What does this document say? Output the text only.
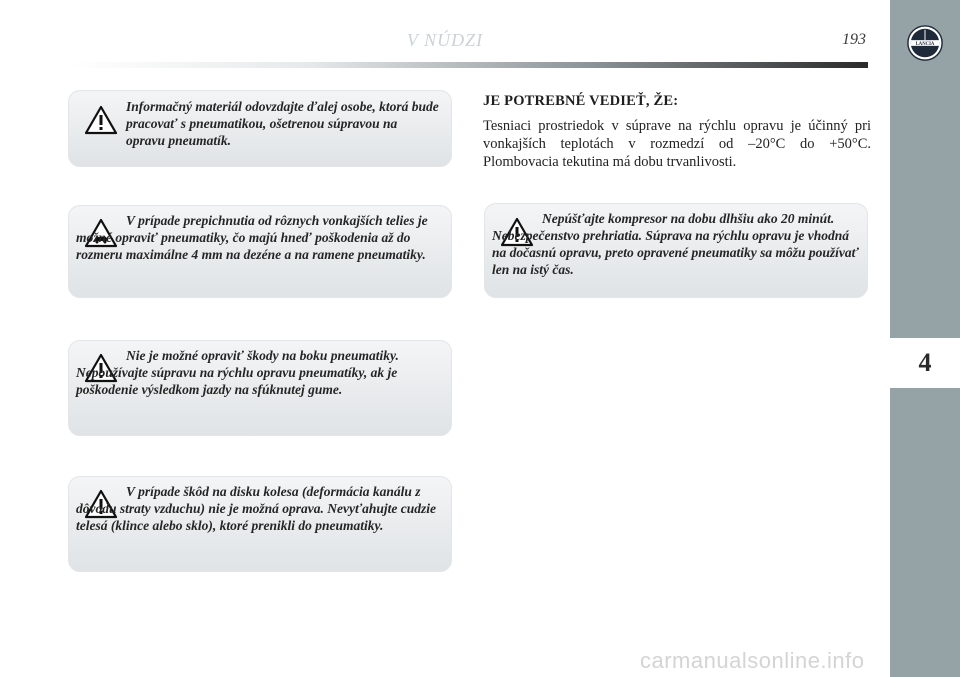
V NÚDZI	193	LANCIA
4

Informačný materiál odovzdajte ďalej osobe, ktorá bude pracovať s pneumatikou, ošetrenou súpravou na opravu pneumatík.

V prípade prepichnutia od rôznych vonkajších telies je možné opraviť pneumatiky, čo majú hneď poškodenia až do rozmeru maximálne 4 mm na dezéne a na ramene pneumatiky.

Nie je možné opraviť škody na boku pneumatiky. Nepoužívajte súpravu na rýchlu opravu pneumatíky, ak je poškodenie výsledkom jazdy na sfúknutej gume.

V prípade škôd na disku kolesa (deformácia kanálu z dôvodu straty vzduchu) nie je možná oprava. Nevyťahujte cudzie telesá (klince alebo sklo), ktoré prenikli do pneumatiky.

JE POTREBNÉ VEDIEŤ, ŽE:

Tesniaci prostriedok v súprave na rýchlu opravu je účinný pri vonkajších teplotách v rozmedzí od –20°C do +50°C. Plombovacia tekutina má dobu trvanlivosti.

Nepúšťajte kompresor na dobu dlhšiu ako 20 minút. Nebezpečenstvo prehriatia. Súprava na rýchlu opravu je vhodná na dočasnú opravu, preto opravené pneumatiky sa môžu používať len na istý čas.

carmanualsonline.info
